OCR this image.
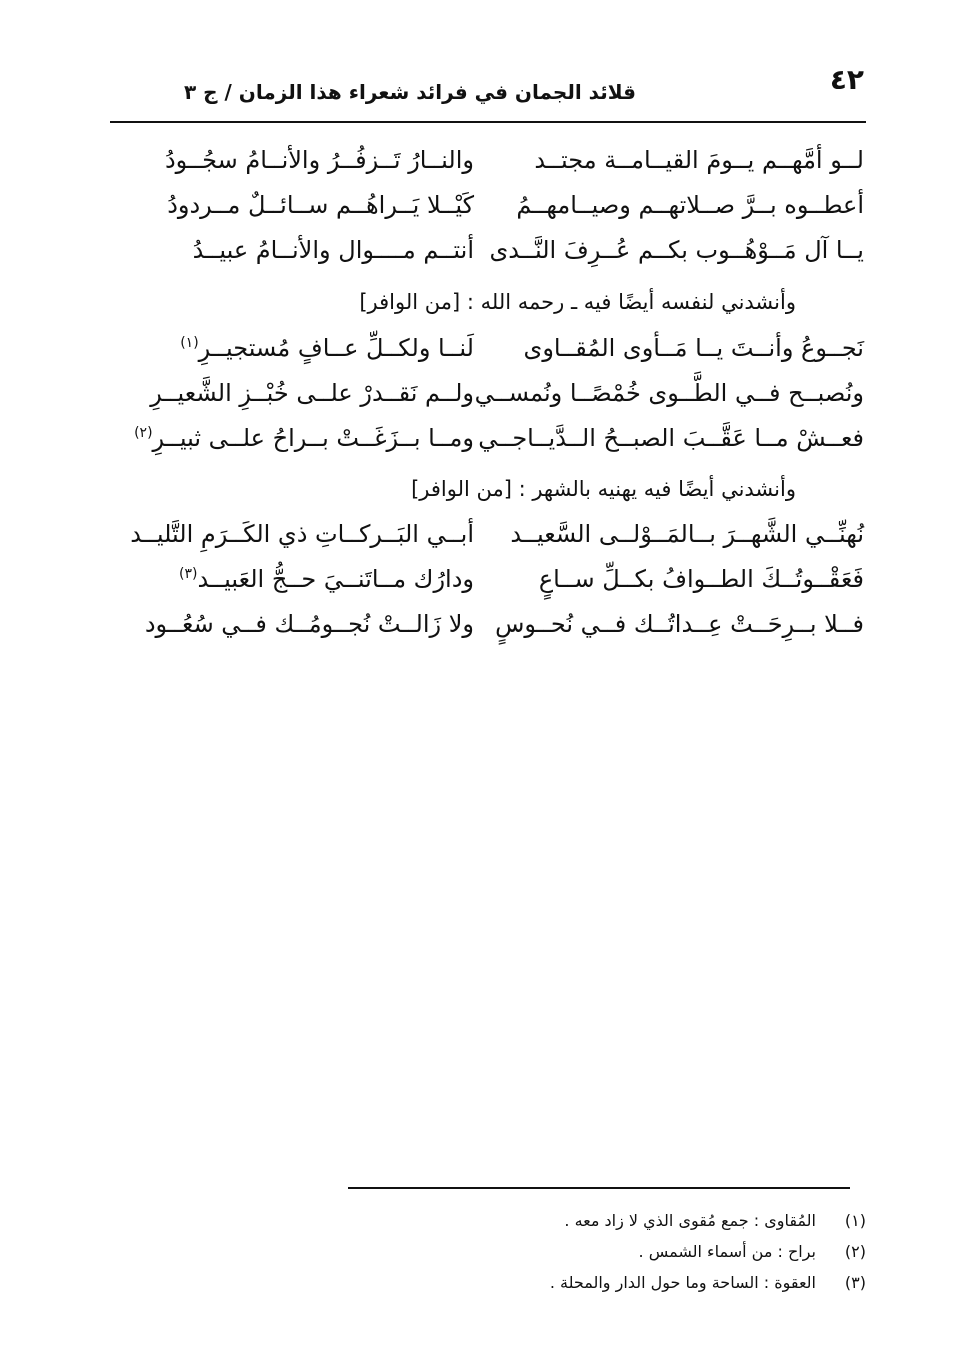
٤٢
قلائد الجمان في فرائد شعراء هذا الزمان / ج ٣
لــو أمَّهــم يــومَ القيــامــة مجتــد
والنــارُ تَــزفُــرُ والأنــامُ سجُــودُ
أعطــوه بــرَّ صــلاتهــم وصيــامهــمُ
كَيْــلا يَــراهُــم ســائــلٌ مــردودُ
يــا آل مَــوْهُــوب بكــم عُــرِفَ النَّــدى
أنتــم مــــوال والأنــامُ عبيــدُ
وأنشدني لنفسه أيضًا فيه ـ رحمه الله : [من الوافر]
نَجــوعُ وأنــتَ يــا مَــأوى المُقــاوى
لَنــا ولكــلِّ عــافٍ مُستجيــرِ$^{(١)}$
ونُصبــح فــي الطَّــوى خُمْصًــا ونُمســي
ولــم نَقــدرْ علــى خُبْــزِ الشَّعيــرِ
فعــشْ مــا عَقَّــبَ الصبــحُ الــدَّيــاجــي
ومــا بــزَغَــتْ بــراحُ علــى ثبيــرِ$^{(٢)}$
وأنشدني أيضًا فيه يهنيه بالشهر : [من الوافر]
نُهنِّــي الشَّهــرَ بــالمَــوْلــى السَّعيــد
أبــي البَــركــاتِ ذي الكَــرَمِ التَّليــد
فَعَقْــوتُــكَ الطــوافُ بكــلِّ ســاعٍ
ودارُك مــاتَنــيَ حــجُّ العَبيــد$^{(٣)}$
فــلا بــرِحَــتْ عِــداتُــك فــي نُحــوسٍ
ولا زَالــتْ نُجــومُــك فــي سُعُــود
(١)المُقاوى : جمع مُقوى الذي لا زاد معه .
(٢)براح : من أسماء الشمس .
(٣)العقوة : الساحة وما حول الدار والمحلة .
